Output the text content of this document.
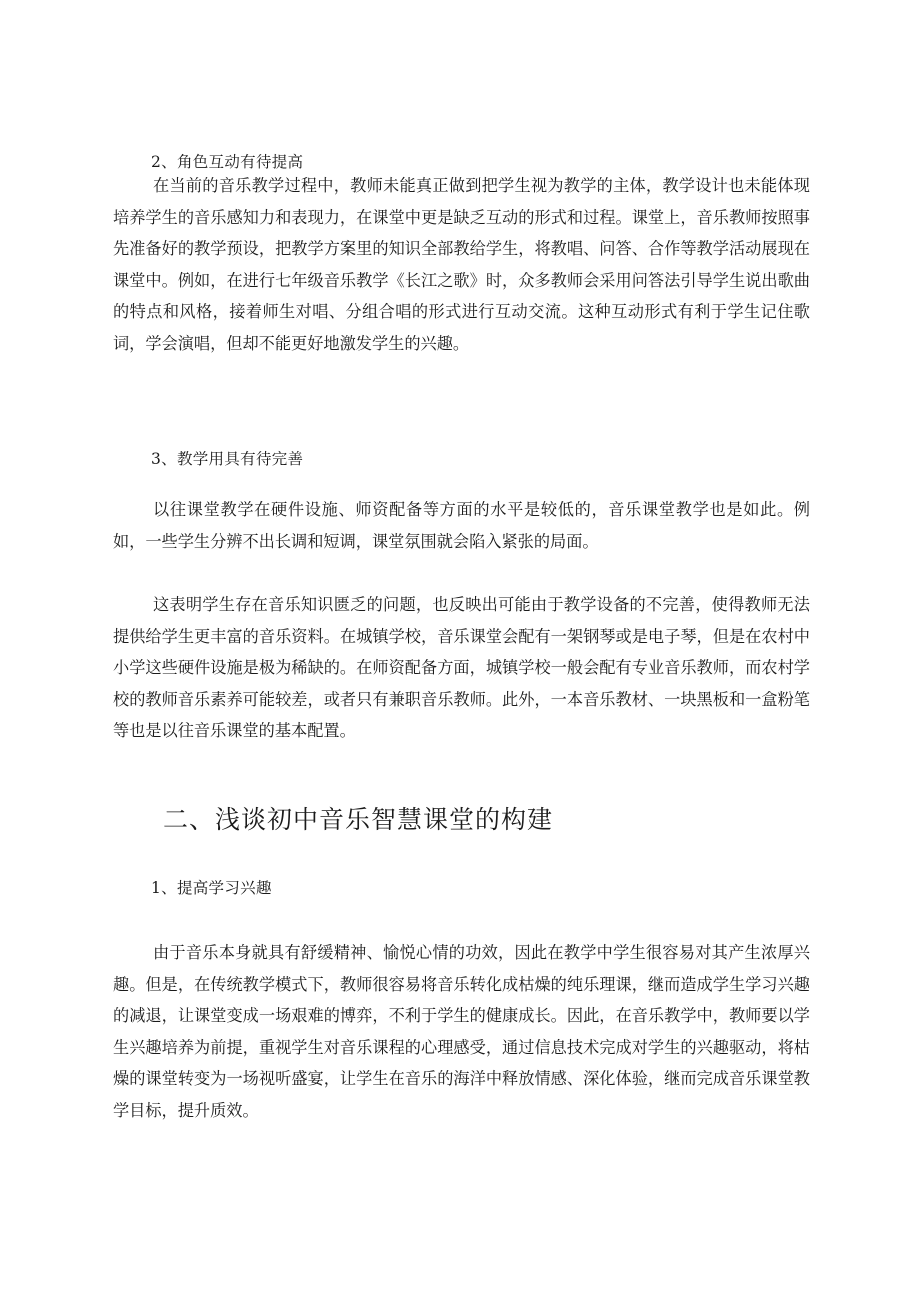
2、角色互动有待提高

在当前的音乐教学过程中，教师未能真正做到把学生视为教学的主体，教学设计也未能体现培养学生的音乐感知力和表现力，在课堂中更是缺乏互动的形式和过程。课堂上，音乐教师按照事先准备好的教学预设，把教学方案里的知识全部教给学生，将教唱、问答、合作等教学活动展现在课堂中。例如，在进行七年级音乐教学《长江之歌》时，众多教师会采用问答法引导学生说出歌曲的特点和风格，接着师生对唱、分组合唱的形式进行互动交流。这种互动形式有利于学生记住歌词，学会演唱，但却不能更好地激发学生的兴趣。

3、教学用具有待完善

以往课堂教学在硬件设施、师资配备等方面的水平是较低的，音乐课堂教学也是如此。例如，一些学生分辨不出长调和短调，课堂氛围就会陷入紧张的局面。

这表明学生存在音乐知识匮乏的问题，也反映出可能由于教学设备的不完善，使得教师无法提供给学生更丰富的音乐资料。在城镇学校，音乐课堂会配有一架钢琴或是电子琴，但是在农村中小学这些硬件设施是极为稀缺的。在师资配备方面，城镇学校一般会配有专业音乐教师，而农村学校的教师音乐素养可能较差，或者只有兼职音乐教师。此外，一本音乐教材、一块黑板和一盒粉笔等也是以往音乐课堂的基本配置。

二、浅谈初中音乐智慧课堂的构建
1、提高学习兴趣

由于音乐本身就具有舒缓精神、愉悦心情的功效，因此在教学中学生很容易对其产生浓厚兴趣。但是，在传统教学模式下，教师很容易将音乐转化成枯燥的纯乐理课，继而造成学生学习兴趣的减退，让课堂变成一场艰难的博弈，不利于学生的健康成长。因此，在音乐教学中，教师要以学生兴趣培养为前提，重视学生对音乐课程的心理感受，通过信息技术完成对学生的兴趣驱动，将枯燥的课堂转变为一场视听盛宴，让学生在音乐的海洋中释放情感、深化体验，继而完成音乐课堂教学目标，提升质效。
